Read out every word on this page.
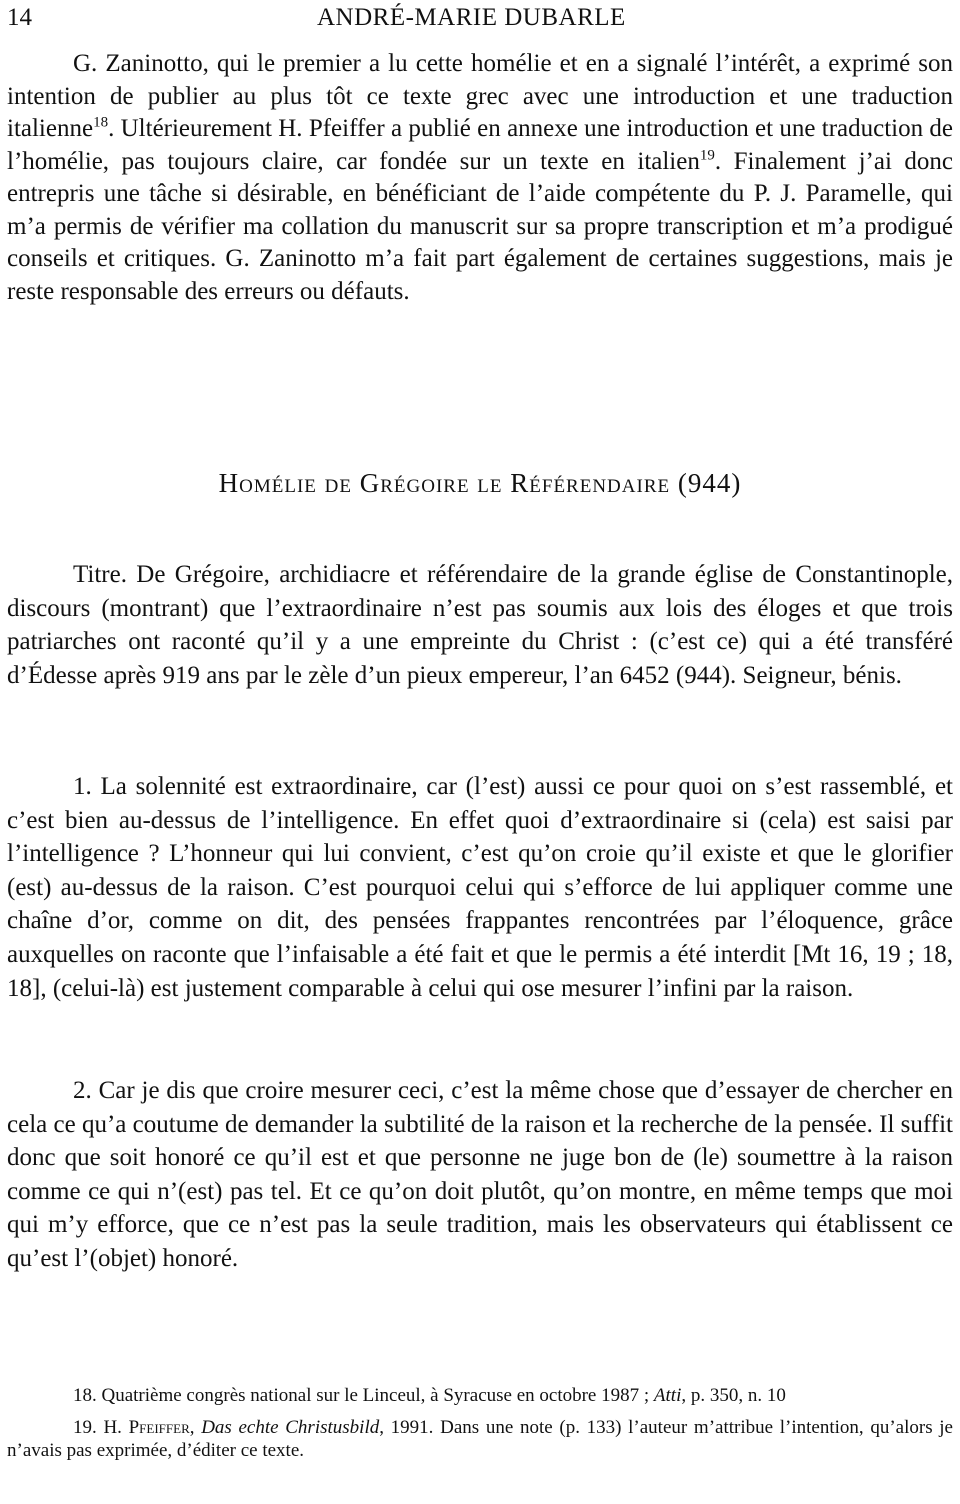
14	ANDRÉ-MARIE DUBARLE

G. Zaninotto, qui le premier a lu cette homélie et en a signalé l’intérêt, a exprimé son intention de publier au plus tôt ce texte grec avec une introduction et une traduction italienne$^{18}$. Ultérieurement H. Pfeiffer a publié en annexe une introduction et une traduction de l’homélie, pas toujours claire, car fondée sur un texte en italien$^{19}$. Finalement j’ai donc entrepris une tâche si désirable, en bénéficiant de l’aide compétente du P. J. Paramelle, qui m’a permis de vérifier ma collation du manuscrit sur sa propre transcription et m’a prodigué conseils et critiques. G. Zaninotto m’a fait part également de certaines suggestions, mais je reste responsable des erreurs ou défauts.

Homélie de Grégoire le Référendaire (944)

Titre. De Grégoire, archidiacre et référendaire de la grande église de Constantinople, discours (montrant) que l’extraordinaire n’est pas soumis aux lois des éloges et que trois patriarches ont raconté qu’il y a une empreinte du Christ : (c’est ce) qui a été transféré d’Édesse après 919 ans par le zèle d’un pieux empereur, l’an 6452 (944). Seigneur, bénis.

1. La solennité est extraordinaire, car (l’est) aussi ce pour quoi on s’est rassemblé, et c’est bien au-dessus de l’intelligence. En effet quoi d’extraordinaire si (cela) est saisi par l’intelligence ? L’honneur qui lui convient, c’est qu’on croie qu’il existe et que le glorifier (est) au-dessus de la raison. C’est pourquoi celui qui s’efforce de lui appliquer comme une chaîne d’or, comme on dit, des pensées frappantes rencontrées par l’éloquence, grâce auxquelles on raconte que l’infaisable a été fait et que le permis a été interdit [Mt 16, 19 ; 18, 18], (celui-là) est justement comparable à celui qui ose mesurer l’infini par la raison.

2. Car je dis que croire mesurer ceci, c’est la même chose que d’essayer de chercher en cela ce qu’a coutume de demander la subtilité de la raison et la recherche de la pensée. Il suffit donc que soit honoré ce qu’il est et que personne ne juge bon de (le) soumettre à la raison comme ce qui n’(est) pas tel. Et ce qu’on doit plutôt, qu’on montre, en même temps que moi qui m’y efforce, que ce n’est pas la seule tradition, mais les observateurs qui établissent ce qu’est l’(objet) honoré.

18. Quatrième congrès national sur le Linceul, à Syracuse en octobre 1987 ; Atti, p. 350, n. 10

19. H. Pfeiffer, Das echte Christusbild, 1991. Dans une note (p. 133) l’auteur m’attribue l’intention, qu’alors je n’avais pas exprimée, d’éditer ce texte.
